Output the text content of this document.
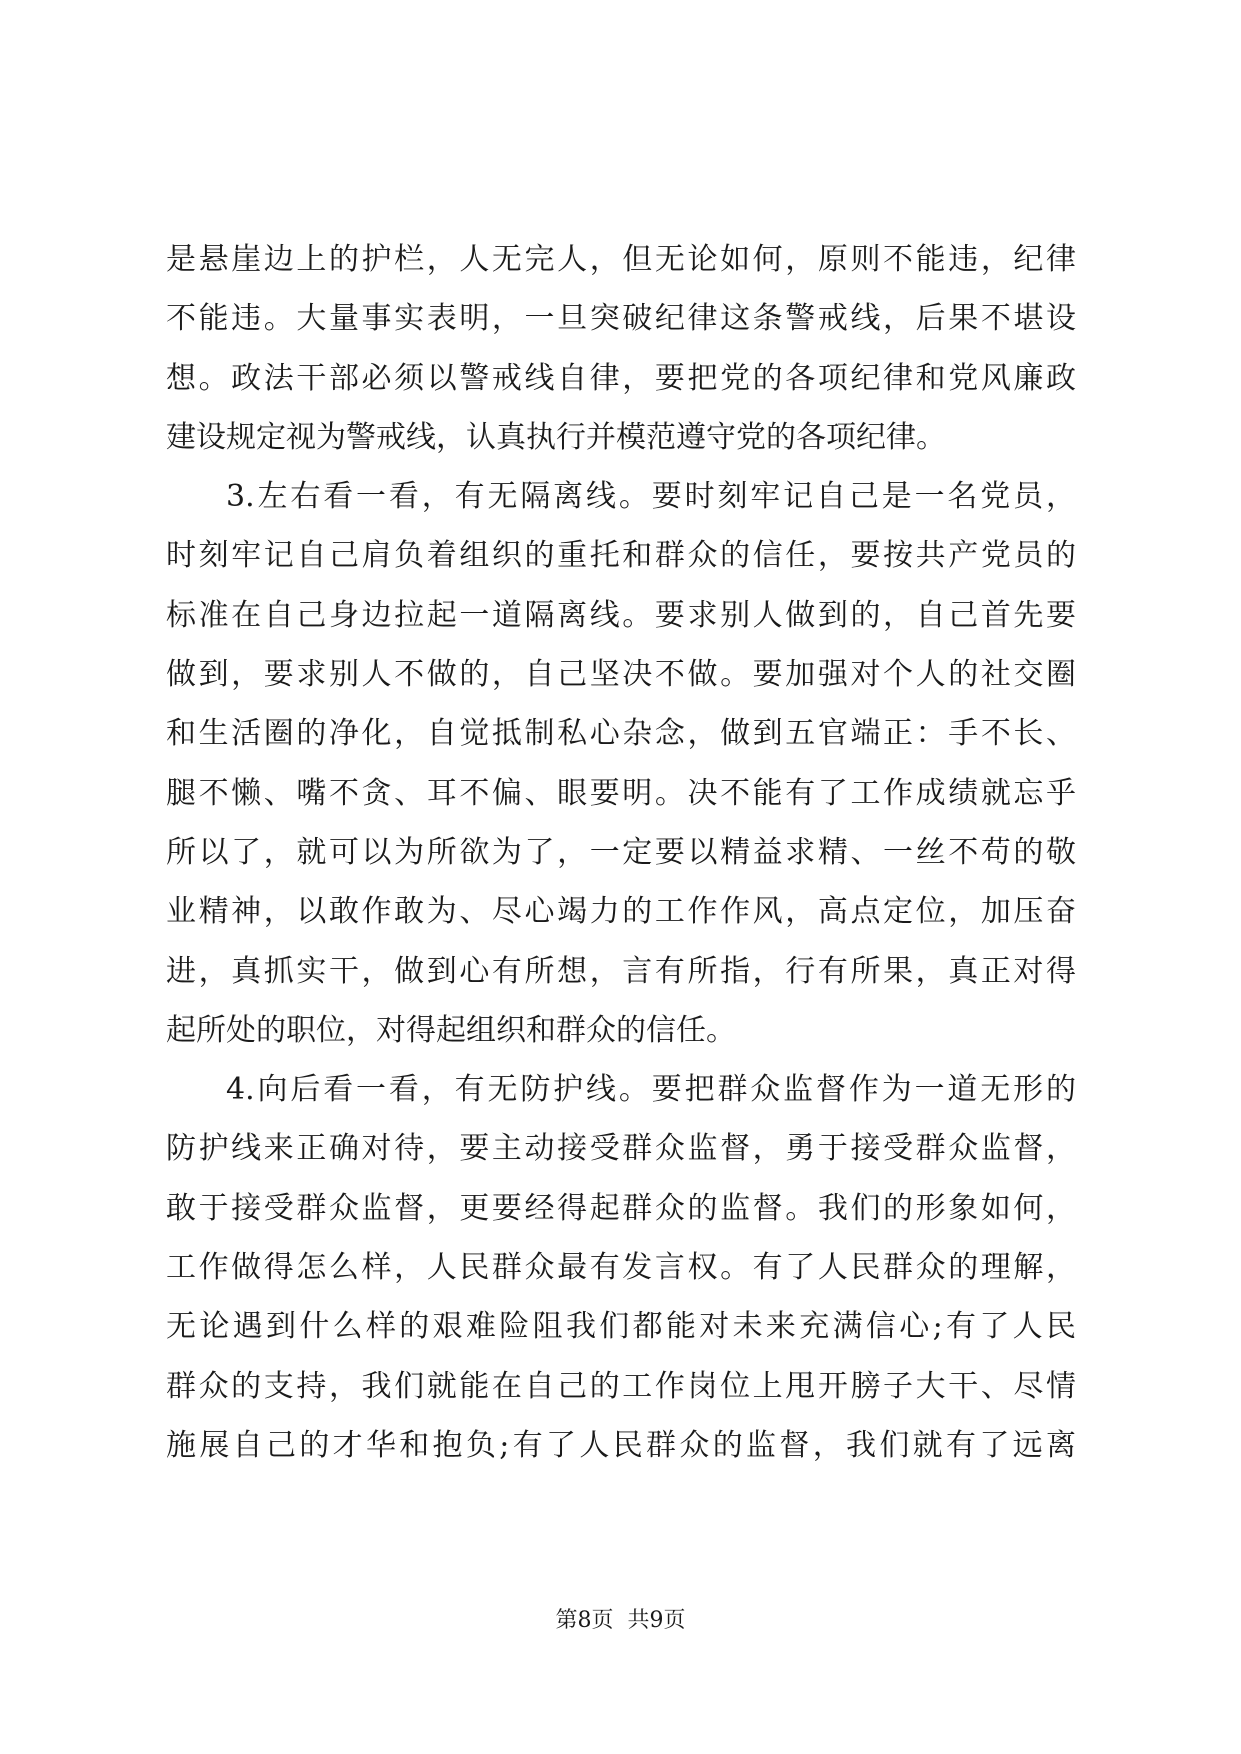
是悬崖边上的护栏，人无完人，但无论如何，原则不能违，纪律
不能违。大量事实表明，一旦突破纪律这条警戒线，后果不堪设
想。政法干部必须以警戒线自律，要把党的各项纪律和党风廉政
建设规定视为警戒线，认真执行并模范遵守党的各项纪律。
3.左右看一看，有无隔离线。要时刻牢记自己是一名党员，
时刻牢记自己肩负着组织的重托和群众的信任，要按共产党员的
标准在自己身边拉起一道隔离线。要求别人做到的，自己首先要
做到，要求别人不做的，自己坚决不做。要加强对个人的社交圈
和生活圈的净化，自觉抵制私心杂念，做到五官端正：手不长、
腿不懒、嘴不贪、耳不偏、眼要明。决不能有了工作成绩就忘乎
所以了，就可以为所欲为了，一定要以精益求精、一丝不苟的敬
业精神，以敢作敢为、尽心竭力的工作作风，高点定位，加压奋
进，真抓实干，做到心有所想，言有所指，行有所果，真正对得
起所处的职位，对得起组织和群众的信任。
4.向后看一看，有无防护线。要把群众监督作为一道无形的
防护线来正确对待，要主动接受群众监督，勇于接受群众监督，
敢于接受群众监督，更要经得起群众的监督。我们的形象如何，
工作做得怎么样，人民群众最有发言权。有了人民群众的理解，
无论遇到什么样的艰难险阻我们都能对未来充满信心;有了人民
群众的支持，我们就能在自己的工作岗位上甩开膀子大干、尽情
施展自己的才华和抱负;有了人民群众的监督，我们就有了远离
第8页 共9页
